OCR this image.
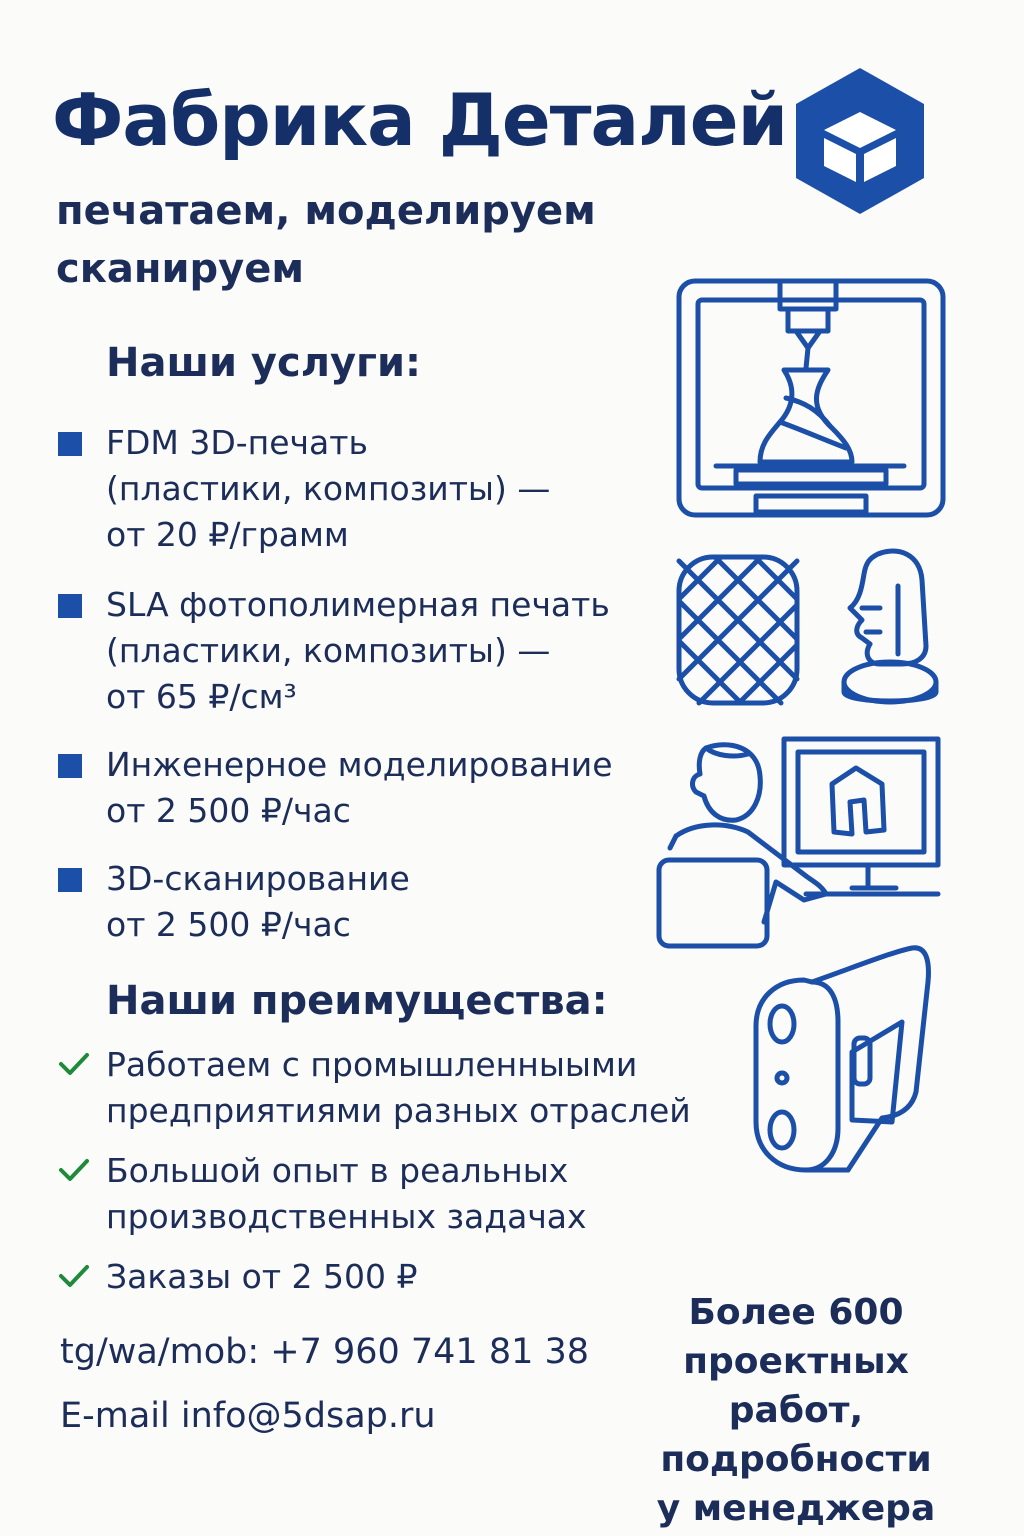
Фабрика Деталей
печатаем, моделируем
сканируем
Наши услуги:
FDM 3D-печать
(пластики, композиты) —
от 20 ₽/грамм
SLA фотополимерная печать
(пластики, композиты) —
от 65 ₽/см³
Инженерное моделирование
от 2 500 ₽/час
3D-сканирование
от 2 500 ₽/час
Наши преимущества:
Работаем с промышленныыми
предприятиями разных отраслей
Большой опыт в реальных
производственных задачах
Заказы от 2 500 ₽
tg/wa/mob: +7 960 741 81 38
E-mail info@5dsap.ru
Более 600
проектных работ,
подробности
у менеджера
